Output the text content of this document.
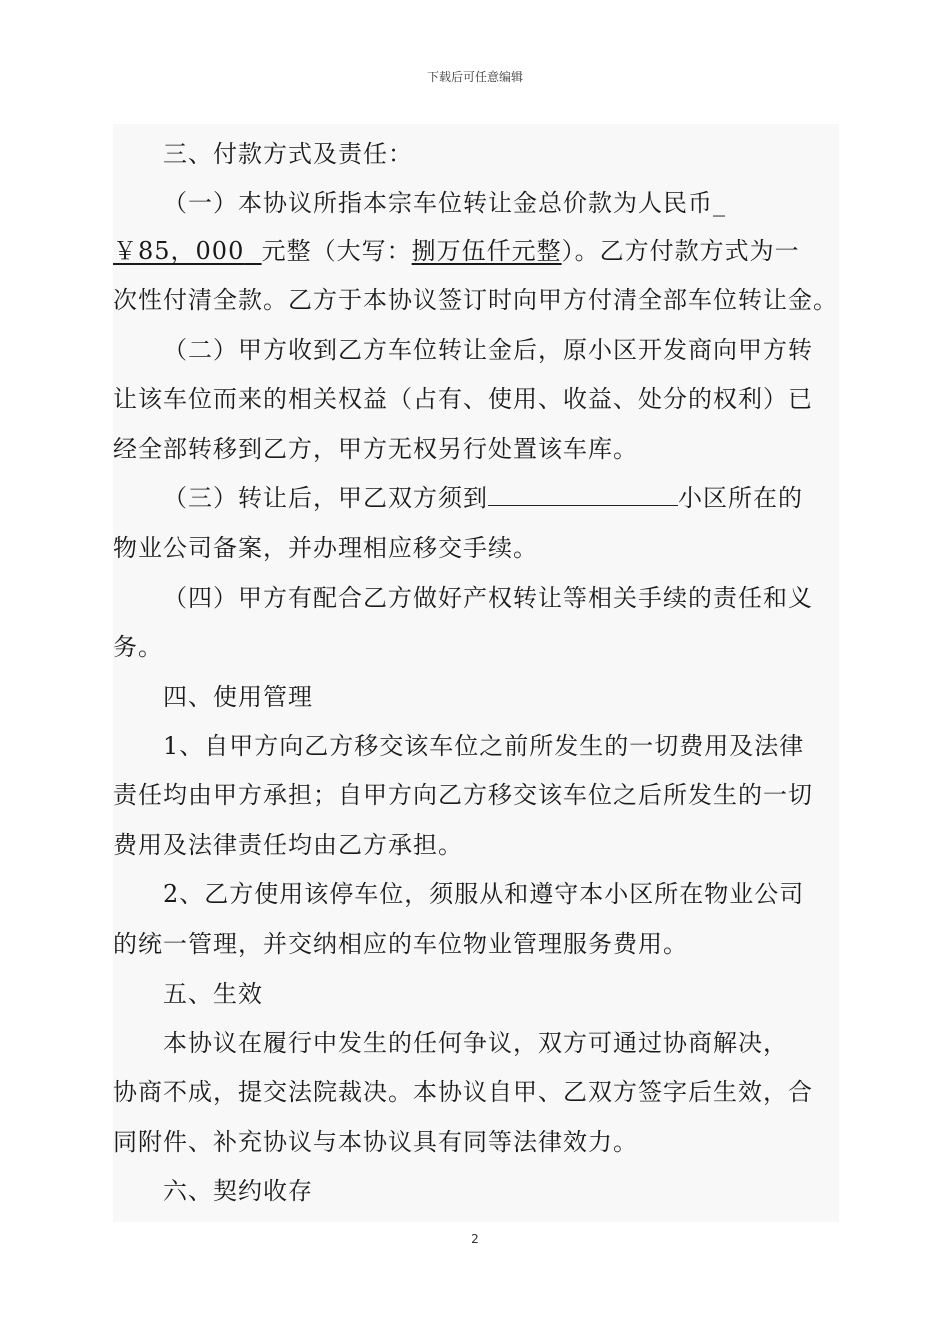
下载后可任意编辑
三、付款方式及责任：
（一）本协议所指本宗车位转让金总价款为人民币_
￥85，000 元整（大写：捌万伍仟元整）。乙方付款方式为一
次性付清全款。乙方于本协议签订时向甲方付清全部车位转让金。
（二）甲方收到乙方车位转让金后，原小区开发商向甲方转
让该车位而来的相关权益（占有、使用、收益、处分的权利）已
经全部转移到乙方，甲方无权另行处置该车库。
（三）转让后，甲乙双方须到	小区所在的
物业公司备案，并办理相应移交手续。
（四）甲方有配合乙方做好产权转让等相关手续的责任和义
务。
四、使用管理
1、自甲方向乙方移交该车位之前所发生的一切费用及法律
责任均由甲方承担；自甲方向乙方移交该车位之后所发生的一切
费用及法律责任均由乙方承担。
2、乙方使用该停车位，须服从和遵守本小区所在物业公司
的统一管理，并交纳相应的车位物业管理服务费用。
五、生效
本协议在履行中发生的任何争议，双方可通过协商解决，
协商不成，提交法院裁决。本协议自甲、乙双方签字后生效，合
同附件、补充协议与本协议具有同等法律效力。
六、契约收存
2
